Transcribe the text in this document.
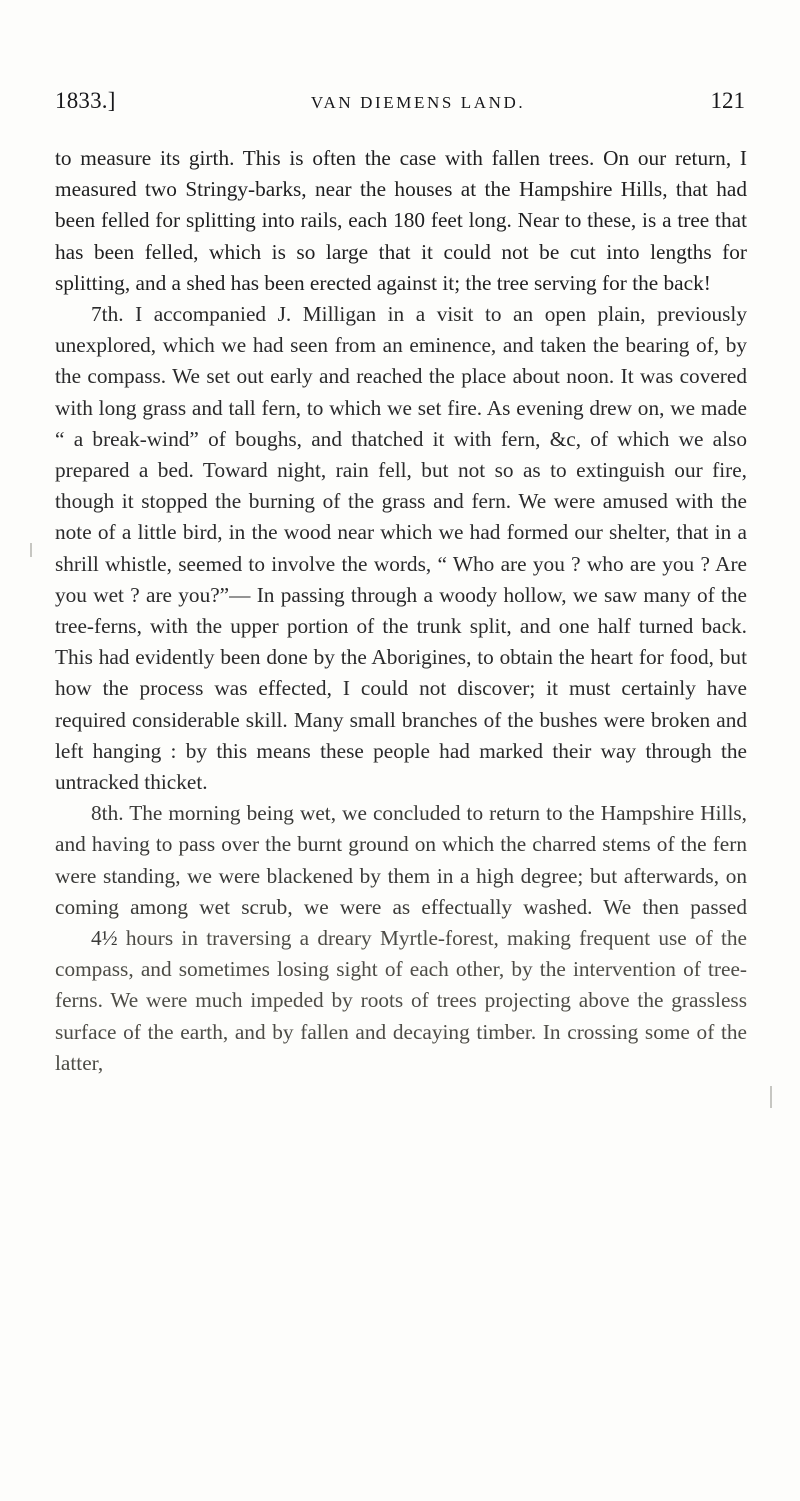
1833.]	VAN DIEMENS LAND.	121

to measure its girth. This is often the case with fallen trees. On our return, I measured two Stringy-barks, near the houses at the Hampshire Hills, that had been felled for splitting into rails, each 180 feet long. Near to these, is a tree that has been felled, which is so large that it could not be cut into lengths for splitting, and a shed has been erected against it; the tree serving for the back!

7th. I accompanied J. Milligan in a visit to an open plain, previously unexplored, which we had seen from an eminence, and taken the bearing of, by the compass. We set out early and reached the place about noon. It was covered with long grass and tall fern, to which we set fire. As evening drew on, we made “ a break-wind” of boughs, and thatched it with fern, &c, of which we also prepared a bed. Toward night, rain fell, but not so as to extinguish our fire, though it stopped the burning of the grass and fern. We were amused with the note of a little bird, in the wood near which we had formed our shelter, that in a shrill whistle, seemed to involve the words, “ Who are you ? who are you ? Are you wet ? are you?”— In passing through a woody hollow, we saw many of the tree-ferns, with the upper portion of the trunk split, and one half turned back. This had evidently been done by the Aborigines, to obtain the heart for food, but how the process was effected, I could not discover; it must certainly have required considerable skill. Many small branches of the bushes were broken and left hanging : by this means these people had marked their way through the untracked thicket.

8th. The morning being wet, we concluded to return to the Hampshire Hills, and having to pass over the burnt ground on which the charred stems of the fern were standing, we were blackened by them in a high degree; but afterwards, on coming among wet scrub, we were as effectually washed. We then passed 4½ hours in traversing a dreary Myrtle-forest, making frequent use of the compass, and sometimes losing sight of each other, by the intervention of tree-ferns. We were much impeded by roots of trees projecting above the grassless surface of the earth, and by fallen and decaying timber. In crossing some of the latter,
